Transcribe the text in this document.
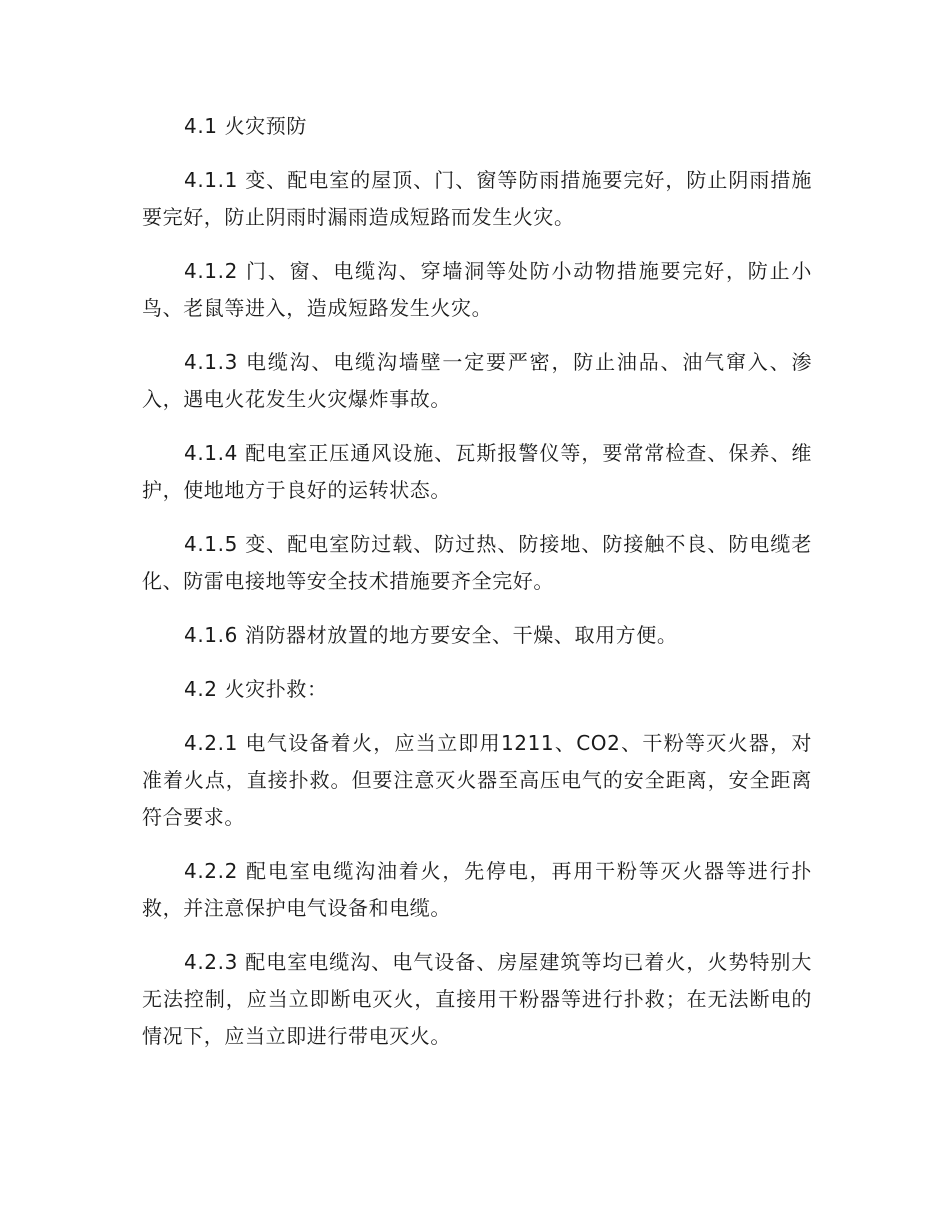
4.1 火灾预防

4.1.1 变、配电室的屋顶、门、窗等防雨措施要完好，防止阴雨措施要完好，防止阴雨时漏雨造成短路而发生火灾。

4.1.2 门、窗、电缆沟、穿墙洞等处防小动物措施要完好，防止小鸟、老鼠等进入，造成短路发生火灾。

4.1.3 电缆沟、电缆沟墙壁一定要严密，防止油品、油气窜入、渗入，遇电火花发生火灾爆炸事故。

4.1.4 配电室正压通风设施、瓦斯报警仪等，要常常检查、保养、维护，使地地方于良好的运转状态。

4.1.5 变、配电室防过载、防过热、防接地、防接触不良、防电缆老化、防雷电接地等安全技术措施要齐全完好。

4.1.6 消防器材放置的地方要安全、干燥、取用方便。

4.2 火灾扑救：

4.2.1 电气设备着火，应当立即用1211、CO2、干粉等灭火器，对准着火点，直接扑救。但要注意灭火器至高压电气的安全距离，安全距离符合要求。

4.2.2 配电室电缆沟油着火，先停电，再用干粉等灭火器等进行扑救，并注意保护电气设备和电缆。

4.2.3 配电室电缆沟、电气设备、房屋建筑等均已着火，火势特别大无法控制，应当立即断电灭火，直接用干粉器等进行扑救；在无法断电的情况下，应当立即进行带电灭火。
